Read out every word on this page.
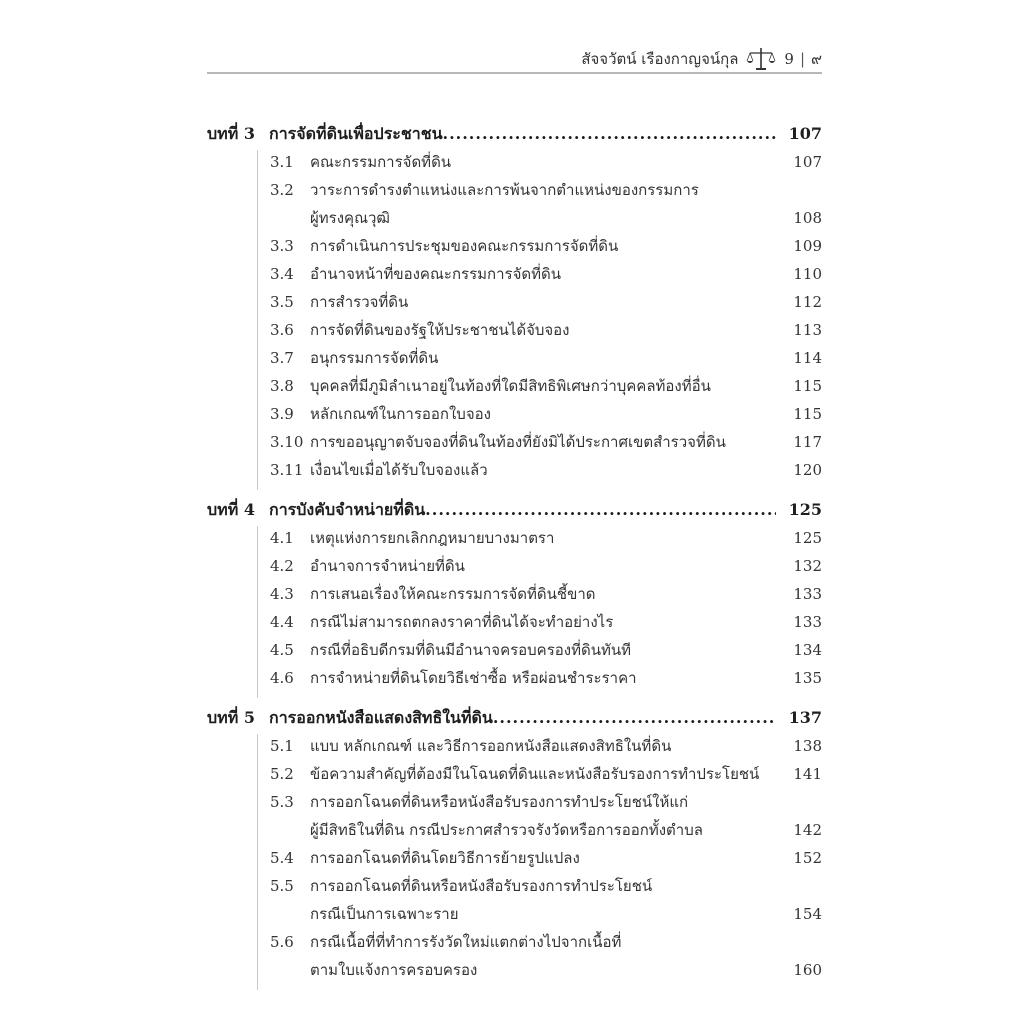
สัจจวัตน์ เรืองกาญจน์กุล	9 | ๙
บทที่ 3 การจัดที่ดินเพื่อประชาชน .....	107
3.1	คณะกรรมการจัดที่ดิน	107
3.2	วาระการดำรงตำแหน่งและการพ้นจากตำแหน่งของกรรมการ
ผู้ทรงคุณวุฒิ	108
3.3	การดำเนินการประชุมของคณะกรรมการจัดที่ดิน	109
3.4	อำนาจหน้าที่ของคณะกรรมการจัดที่ดิน	110
3.5	การสำรวจที่ดิน	112
3.6	การจัดที่ดินของรัฐให้ประชาชนได้จับจอง	113
3.7	อนุกรรมการจัดที่ดิน	114
3.8	บุคคลที่มีภูมิลำเนาอยู่ในท้องที่ใดมีสิทธิพิเศษกว่าบุคคลท้องที่อื่น	115
3.9	หลักเกณฑ์ในการออกใบจอง	115
3.10 การขออนุญาตจับจองที่ดินในท้องที่ยังมิได้ประกาศเขตสำรวจที่ดิน	117
3.11 เงื่อนไขเมื่อได้รับใบจองแล้ว	120
บทที่ 4 การบังคับจำหน่ายที่ดิน .....	125
4.1	เหตุแห่งการยกเลิกกฎหมายบางมาตรา	125
4.2	อำนาจการจำหน่ายที่ดิน	132
4.3	การเสนอเรื่องให้คณะกรรมการจัดที่ดินชี้ขาด	133
4.4	กรณีไม่สามารถตกลงราคาที่ดินได้จะทำอย่างไร	133
4.5	กรณีที่อธิบดีกรมที่ดินมีอำนาจครอบครองที่ดินทันที	134
4.6	การจำหน่ายที่ดินโดยวิธีเช่าซื้อ หรือผ่อนชำระราคา	135
บทที่ 5 การออกหนังสือแสดงสิทธิในที่ดิน .....	137
5.1	แบบ หลักเกณฑ์ และวิธีการออกหนังสือแสดงสิทธิในที่ดิน	138
5.2	ข้อความสำคัญที่ต้องมีในโฉนดที่ดินและหนังสือรับรองการทำประโยชน์	141
5.3	การออกโฉนดที่ดินหรือหนังสือรับรองการทำประโยชน์ให้แก่
ผู้มีสิทธิในที่ดิน กรณีประกาศสำรวจรังวัดหรือการออกทั้งตำบล	142
5.4	การออกโฉนดที่ดินโดยวิธีการย้ายรูปแปลง	152
5.5	การออกโฉนดที่ดินหรือหนังสือรับรองการทำประโยชน์
กรณีเป็นการเฉพาะราย	154
5.6	กรณีเนื้อที่ที่ทำการรังวัดใหม่แตกต่างไปจากเนื้อที่
ตามใบแจ้งการครอบครอง	160
